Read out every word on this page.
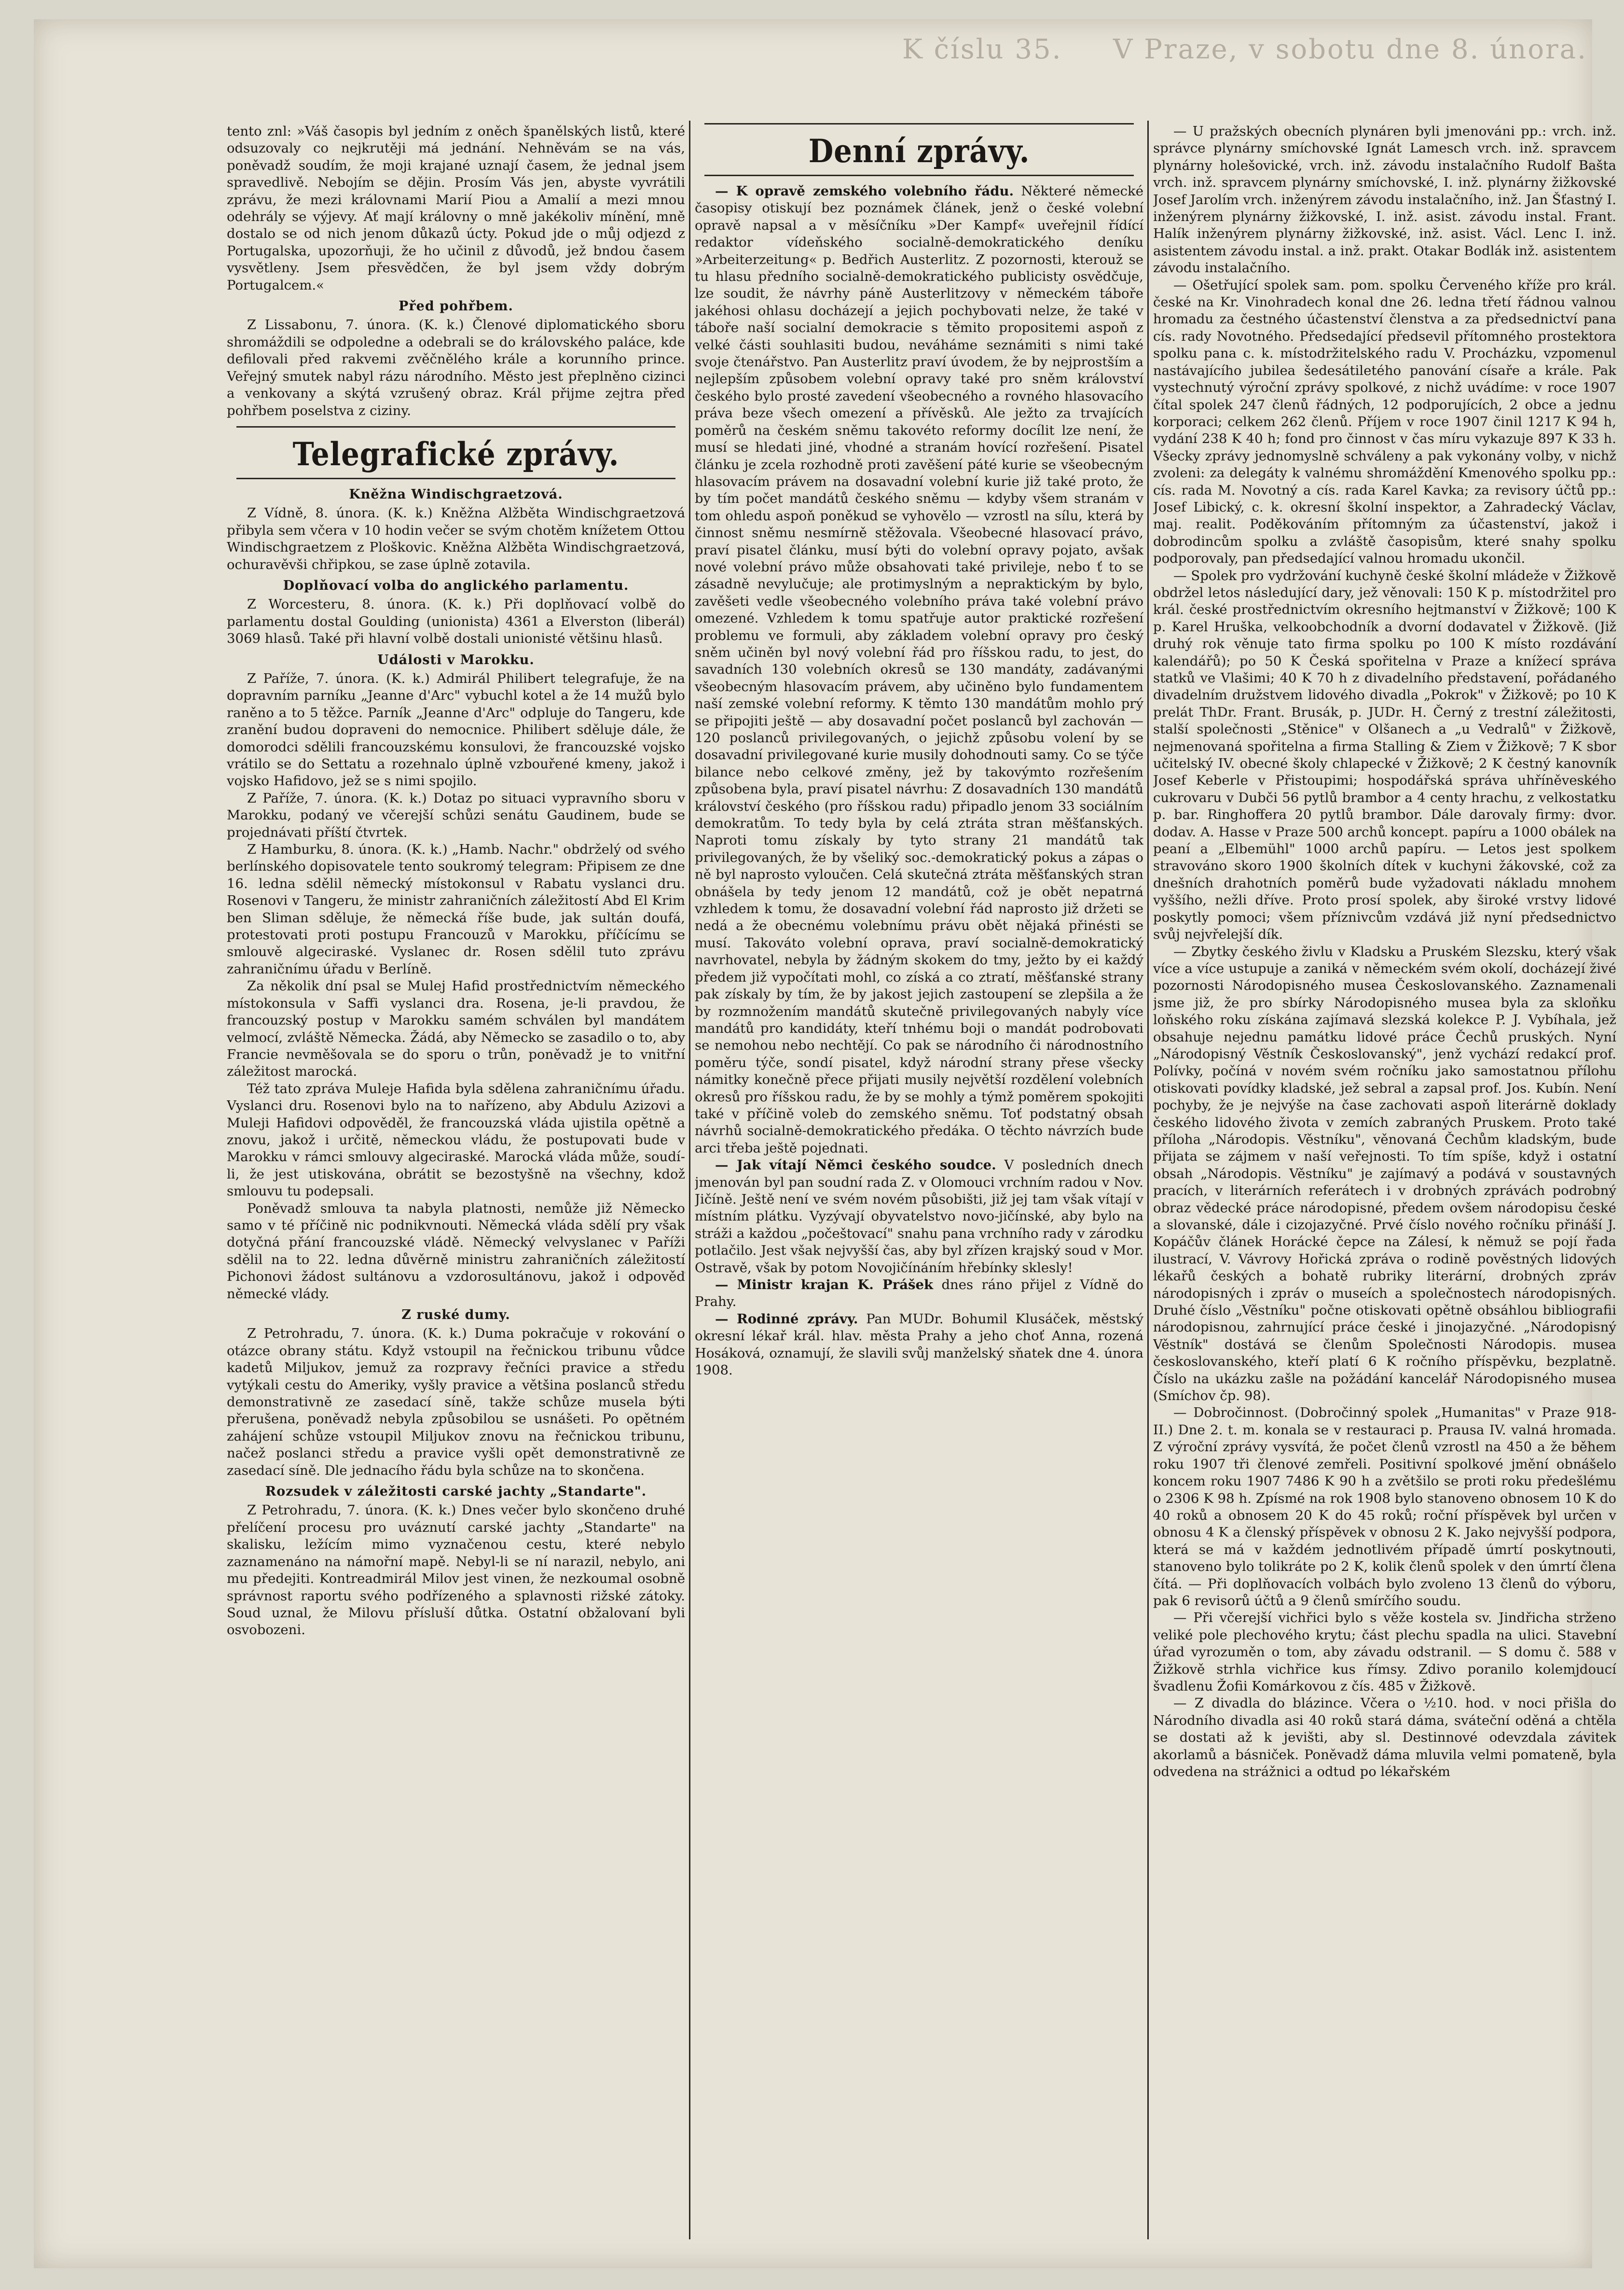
K číslu 35. V Praze, v sobotu dne 8. února.

tento znl: »Váš časopis byl jedním z oněch španělských listů, které odsuzovaly co nejkrutěji má jednání. Nehněvám se na vás, poněvadž soudím, že moji krajané uznají časem, že jednal jsem spravedlivě. Nebojím se dějin. Prosím Vás jen, abyste vyvrátili zprávu, že mezi královnami Marií Piou a Amalií a mezi mnou odehrály se výjevy. Ať mají královny o mně jakékoliv mínění, mně dostalo se od nich jenom důkazů úcty. Pokud jde o můj odjezd z Portugalska, upozorňuji, že ho učinil z důvodů, jež bndou časem vysvětleny. Jsem přesvědčen, že byl jsem vždy dobrým Portugalcem.«

Před pohřbem.

Z Lissabonu, 7. února. (K. k.) Členové diplomatického sboru shromáždili se odpoledne a odebrali se do královského paláce, kde defilovali před rakvemi zvěčnělého krále a korunního prince. Veřejný smutek nabyl rázu národního. Město jest přeplněno cizinci a venkovany a skýtá vzrušený obraz. Král přijme zejtra před pohřbem poselstva z ciziny.

Telegrafické zprávy.

Kněžna Windischgraetzová.

Z Vídně, 8. února. (K. k.) Kněžna Alžběta Windischgraetzová přibyla sem včera v 10 hodin večer se svým chotěm knížetem Ottou Windischgraetzem z Ploškovic. Kněžna Alžběta Windischgraetzová, ochuravěvši chřipkou, se zase úplně zotavila.

Doplňovací volba do anglického parlamentu.

Z Worcesteru, 8. února. (K. k.) Při doplňovací volbě do parlamentu dostal Goulding (unionista) 4361 a Elverston (liberál) 3069 hlasů. Také při hlavní volbě dostali unionisté většinu hlasů.

Události v Marokku.

Z Paříže, 7. února. (K. k.) Admirál Philibert telegrafuje, že na dopravním parníku „Jeanne d'Arc" vybuchl kotel a že 14 mužů bylo raněno a to 5 těžce. Parník „Jeanne d'Arc" odpluje do Tangeru, kde zranění budou dopraveni do nemocnice. Philibert sděluje dále, že domorodci sdělili francouzskému konsulovi, že francouzské vojsko vrátilo se do Settatu a rozehnalo úplně vzbouřené kmeny, jakož i vojsko Hafidovo, jež se s nimi spojilo.

Z Paříže, 7. února. (K. k.) Dotaz po situaci vypravního sboru v Marokku, podaný ve včerejší schůzi senátu Gaudinem, bude se projednávati příští čtvrtek.

Z Hamburku, 8. února. (K. k.) „Hamb. Nachr." obdrželý od svého berlínského dopisovatele tento soukromý telegram: Připisem ze dne 16. ledna sdělil německý místokonsul v Rabatu vyslanci dru. Rosenovi v Tangeru, že ministr zahraničních záležitostí Abd El Krim ben Sliman sděluje, že německá říše bude, jak sultán doufá, protestovati proti postupu Francouzů v Marokku, příčícímu se smlouvě algeciraské. Vyslanec dr. Rosen sdělil tuto zprávu zahraničnímu úřadu v Berlíně.

Za několik dní psal se Mulej Hafid prostřednictvím německého místokonsula v Saffi vyslanci dra. Rosena, je-li pravdou, že francouzský postup v Marokku samém schválen byl mandátem velmocí, zvláště Německa. Žádá, aby Německo se zasadilo o to, aby Francie nevměšovala se do sporu o trůn, poněvadž je to vnitřní záležitost marocká.

Též tato zpráva Muleje Hafida byla sdělena zahraničnímu úřadu. Vyslanci dru. Rosenovi bylo na to nařízeno, aby Abdulu Azizovi a Muleji Hafidovi odpověděl, že francouzská vláda ujistila opětně a znovu, jakož i určitě, německou vládu, že postupovati bude v Marokku v rámci smlouvy algeciraské. Marocká vláda může, soudí-li, že jest utiskována, obrátit se bezostyšně na všechny, kdož smlouvu tu podepsali.

Poněvadž smlouva ta nabyla platnosti, nemůže již Německo samo v té příčině nic podnikvnouti. Německá vláda sdělí pry však dotyčná přání francouzské vládě. Německý velvyslanec v Paříži sdělil na to 22. ledna důvěrně ministru zahraničních záležitostí Pichonovi žádost sultánovu a vzdorosultánovu, jakož i odpověď německé vlády.

Z ruské dumy.

Z Petrohradu, 7. února. (K. k.) Duma pokračuje v rokování o otázce obrany státu. Když vstoupil na řečnickou tribunu vůdce kadetů Miljukov, jemuž za rozpravy řečníci pravice a středu vytýkali cestu do Ameriky, vyšly pravice a většina poslanců středu demonstrativně ze zasedací síně, takže schůze musela býti přerušena, poněvadž nebyla způsobilou se usnášeti. Po opětném zahájení schůze vstoupil Miljukov znovu na řečnickou tribunu, načež poslanci středu a pravice vyšli opět demonstrativně ze zasedací síně. Dle jednacího řádu byla schůze na to skončena.

Rozsudek v záležitosti carské jachty „Standarte".

Z Petrohradu, 7. února. (K. k.) Dnes večer bylo skončeno druhé přelíčení procesu pro uváznutí carské jachty „Standarte" na skalisku, ležícím mimo vyznačenou cestu, které nebylo zaznamenáno na námořní mapě. Nebyl-li se ní narazil, nebylo, ani mu předejiti. Kontreadmirál Milov jest vinen, že nezkoumal osobně správnost raportu svého podřízeného a splavnosti rižské zátoky. Soud uznal, že Milovu přísluší důtka. Ostatní obžalovaní byli osvobozeni.

Denní zprávy.

— K opravě zemského volebního řádu. Některé německé časopisy otiskují bez poznámek článek, jenž o české volební opravě napsal a v měsíčníku »Der Kampf« uveřejnil řídící redaktor vídeňského socialně-demokratického deníku »Arbeiterzeitung« p. Bedřich Austerlitz. Z pozornosti, kterouž se tu hlasu předního socialně-demokratického publicisty osvědčuje, lze soudit, že návrhy páně Austerlitzovy v německém táboře jakéhosi ohlasu docházejí a jejich pochybovati nelze, že také v táboře naší socialní demokracie s těmito propositemi aspoň z velké části souhlasiti budou, neváháme seznámiti s nimi také svoje čtenářstvo. Pan Austerlitz praví úvodem, že by nejprostším a nejlepším způsobem volební opravy také pro sněm království českého bylo prosté zavedení všeobecného a rovného hlasovacího práva beze všech omezení a přívěsků. Ale ježto za trvajících poměrů na českém sněmu takovéto reformy docílit lze není, že musí se hledati jiné, vhodné a stranám hovící rozřešení. Pisatel článku je zcela rozhodně proti zavěšení páté kurie se všeobecným hlasovacím právem na dosavadní volební kurie již také proto, že by tím počet mandátů českého sněmu — kdyby všem stranám v tom ohledu aspoň poněkud se vyhovělo — vzrostl na sílu, která by činnost sněmu nesmírně stěžovala. Všeobecné hlasovací právo, praví pisatel článku, musí býti do volební opravy pojato, avšak nové volební právo může obsahovati také privileje, nebo ť to se zásadně nevylučuje; ale protimyslným a nepraktickým by bylo, zavěšeti vedle všeobecného volebního práva také volební právo omezené. Vzhledem k tomu spatřuje autor praktické rozřešení problemu ve formuli, aby základem volební opravy pro český sněm učiněn byl nový volební řád pro říšskou radu, to jest, do savadních 130 volebních okresů se 130 mandáty, zadávanými všeobecným hlasovacím právem, aby učiněno bylo fundamentem naší zemské volební reformy. K těmto 130 mandátům mohlo prý se připojiti ještě — aby dosavadní počet poslanců byl zachován — 120 poslanců privilegovaných, o jejichž způsobu volení by se dosavadní privilegované kurie musily dohodnouti samy. Co se týče bilance nebo celkové změny, jež by takovýmto rozřešením způsobena byla, praví pisatel návrhu: Z dosavadních 130 mandátů království českého (pro říšskou radu) připadlo jenom 33 sociálním demokratům. To tedy byla by celá ztráta stran měšťanských. Naproti tomu získaly by tyto strany 21 mandátů tak privilegovaných, že by všeliký soc.-demokratický pokus a zápas o ně byl naprosto vyloučen. Celá skutečná ztráta měšťanských stran obnášela by tedy jenom 12 mandátů, což je obět nepatrná vzhledem k tomu, že dosavadní volební řád naprosto již držeti se nedá a že obecnému volebnímu právu obět nějaká přinésti se musí. Takováto volební oprava, praví socialně-demokratický navrhovatel, nebyla by žádným skokem do tmy, ježto by ei každý předem již vypočítati mohl, co získá a co ztratí, měšťanské strany pak získaly by tím, že by jakost jejich zastoupení se zlepšila a že by rozmnožením mandátů skutečně privilegovaných nabyly více mandátů pro kandidáty, kteří tnhému boji o mandát podrobovati se nemohou nebo nechtějí. Co pak se národního či národnostního poměru týče, sondí pisatel, když národní strany přese všecky námitky konečně přece přijati musily největší rozdělení volebních okresů pro říšskou radu, že by se mohly a týmž poměrem spokojiti také v příčině voleb do zemského sněmu. Toť podstatný obsah návrhů socialně-demokratického předáka. O těchto návrzích bude arci třeba ještě pojednati.

— Jak vítají Němci českého soudce. V posledních dnech jmenován byl pan soudní rada Z. v Olomouci vrchním radou v Nov. Jičíně. Ještě není ve svém novém působišti, již jej tam však vítají v místním plátku. Vyzývají obyvatelstvo novo-jičínské, aby bylo na stráži a každou „počeštovací" snahu pana vrchního rady v zárodku potlačilo. Jest však nejvyšší čas, aby byl zřízen krajský soud v Mor. Ostravě, však by potom Novojičínáním hřebínky sklesly!

— Ministr krajan K. Prášek dnes ráno přijel z Vídně do Prahy.

— Rodinné zprávy. Pan MUDr. Bohumil Klusáček, městský okresní lékař král. hlav. města Prahy a jeho choť Anna, rozená Hosáková, oznamují, že slavili svůj manželský sňatek dne 4. února 1908.

— U pražských obecních plynáren byli jmenováni pp.: vrch. inž. správce plynárny smíchovské Ignát Lamesch vrch. inž. spravcem plynárny holešovické, vrch. inž. závodu instalačního Rudolf Bašta vrch. inž. spravcem plynárny smíchovské, I. inž. plynárny žižkovské Josef Jarolím vrch. inženýrem závodu instalačního, inž. Jan Šťastný I. inženýrem plynárny žižkovské, I. inž. asist. závodu instal. Frant. Halík inženýrem plynárny žižkovské, inž. asist. Václ. Lenc I. inž. asistentem závodu instal. a inž. prakt. Otakar Bodlák inž. asistentem závodu instalačního.

— Ošetřující spolek sam. pom. spolku Červeného kříže pro král. české na Kr. Vinohradech konal dne 26. ledna třetí řádnou valnou hromadu za čestného účastenství členstva a za předsednictví pana cís. rady Novotného. Předsedající předsevil přítomného prostektora spolku pana c. k. místodržitelského radu V. Procházku, vzpomenul nastávajícího jubilea šedesátiletého panování císaře a krále. Pak vystechnutý výroční zprávy spolkové, z nichž uvádíme: v roce 1907 čítal spolek 247 členů řádných, 12 podporujících, 2 obce a jednu korporaci; celkem 262 členů. Příjem v roce 1907 činil 1217 K 94 h, vydání 238 K 40 h; fond pro činnost v čas míru vykazuje 897 K 33 h. Všecky zprávy jednomyslně schváleny a pak vykonány volby, v nichž zvoleni: za delegáty k valnému shromáždění Kmenového spolku pp.: cís. rada M. Novotný a cís. rada Karel Kavka; za revisory účtů pp.: Josef Libický, c. k. okresní školní inspektor, a Zahradecký Václav, maj. realit. Poděkováním přítomným za účastenství, jakož i dobrodincům spolku a zvláště časopisům, které snahy spolku podporovaly, pan předsedající valnou hromadu ukončil.

— Spolek pro vydržování kuchyně české školní mládeže v Žižkově obdržel letos následující dary, jež věnovali: 150 K p. místodržitel pro král. české prostřednictvím okresního hejtmanství v Žižkově; 100 K p. Karel Hruška, velkoobchodník a dvorní dodavatel v Žižkově. (Již druhý rok věnuje tato firma spolku po 100 K místo rozdávání kalendářů); po 50 K Česká spořitelna v Praze a knížecí správa statků ve Vlašimi; 40 K 70 h z divadelního představení, pořádaného divadelním družstvem lidového divadla „Pokrok" v Žižkově; po 10 K prelát ThDr. Frant. Brusák, p. JUDr. H. Černý z trestní záležitosti, stalší společnosti „Stěnice" v Olšanech a „u Vedralů" v Žižkově, nejmenovaná spořitelna a firma Stalling & Ziem v Žižkově; 7 K sbor učitelský IV. obecné školy chlapecké v Žižkově; 2 K čestný kanovník Josef Keberle v Přistoupimi; hospodářská správa uhříněveského cukrovaru v Dubči 56 pytlů brambor a 4 centy hrachu, z velkostatku p. bar. Ringhoffera 20 pytlů brambor. Dále darovaly firmy: dvor. dodav. A. Hasse v Praze 500 archů koncept. papíru a 1000 obálek na peaní a „Elbemühl" 1000 archů papíru. — Letos jest spolkem stravováno skoro 1900 školních dítek v kuchyni žákovské, což za dnešních drahotních poměrů bude vyžadovati nákladu mnohem vyššího, nežli dříve. Proto prosí spolek, aby široké vrstvy lidové poskytly pomoci; všem příznivcům vzdává již nyní předsednictvo svůj nejvřelejší dík.

— Zbytky českého živlu v Kladsku a Pruském Slezsku, který však více a více ustupuje a zaniká v německém svém okolí, docházejí živé pozornosti Národopisného musea Českoslovanského. Zaznamenali jsme již, že pro sbírky Národopisného musea byla za skloňku loňského roku získána zajímavá slezská kolekce P. J. Vybíhala, jež obsahuje nejednu památku lidové práce Čechů pruských. Nyní „Národopisný Věstník Českoslovanský", jenž vychází redakcí prof. Polívky, počíná v novém svém ročníku jako samostatnou přílohu otiskovati povídky kladské, jež sebral a zapsal prof. Jos. Kubín. Není pochyby, že je nejvýše na čase zachovati aspoň literárně doklady českého lidového života v zemích zabraných Pruskem. Proto také příloha „Národopis. Věstníku", věnovaná Čechům kladským, bude přijata se zájmem v naší veřejnosti. To tím spíše, když i ostatní obsah „Národopis. Věstníku" je zajímavý a podává v soustavných pracích, v literárních referátech i v drobných zprávách podrobný obraz vědecké práce národopisné, předem ovšem národopisu české a slovanské, dále i cizojazyčné. Prvé číslo nového ročníku přináší J. Kopáčův článek Horácké čepce na Zálesí, k němuž se pojí řada ilustrací, V. Vávrovy Hořická zpráva o rodině pověstných lidových lékařů českých a bohatě rubriky literární, drobných zpráv národopisných i zpráv o museích a společnostech národopisných. Druhé číslo „Věstníku" počne otiskovati opětně obsáhlou bibliografii národopisnou, zahrnující práce české i jinojazyčné. „Národopisný Věstník" dostává se členům Společnosti Národopis. musea českoslovanského, kteří platí 6 K ročního příspěvku, bezplatně. Číslo na ukázku zašle na požádání kancelář Národopisného musea (Smíchov čp. 98).

— Dobročinnost. (Dobročinný spolek „Humanitas" v Praze 918-II.) Dne 2. t. m. konala se v restauraci p. Prausa IV. valná hromada. Z výroční zprávy vysvítá, že počet členů vzrostl na 450 a že během roku 1907 tři členové zemřeli. Positivní spolkové jmění obnášelo koncem roku 1907 7486 K 90 h a zvětšilo se proti roku předešlému o 2306 K 98 h. Zpísmé na rok 1908 bylo stanoveno obnosem 10 K do 40 roků a obnosem 20 K do 45 roků; roční příspěvek byl určen v obnosu 4 K a členský příspěvek v obnosu 2 K. Jako nejvyšší podpora, která se má v každém jednotlivém případě úmrtí poskytnouti, stanoveno bylo tolikráte po 2 K, kolik členů spolek v den úmrtí člena čítá. — Při doplňovacích volbách bylo zvoleno 13 členů do výboru, pak 6 revisorů účtů a 9 členů smírčího soudu.

— Při včerejší vichřici bylo s věže kostela sv. Jindřicha strženo veliké pole plechového krytu; část plechu spadla na ulici. Stavební úřad vyrozuměn o tom, aby závadu odstranil. — S domu č. 588 v Žižkově strhla vichřice kus římsy. Zdivo poranilo kolemjdoucí švadlenu Žofii Komárkovou z čís. 485 v Žižkově.

— Z divadla do blázince. Včera o ½10. hod. v noci přišla do Národního divadla asi 40 roků stará dáma, sváteční oděná a chtěla se dostati až k jevišti, aby sl. Destinnové odevzdala závitek akorlamů a básniček. Poněvadž dáma mluvila velmi pomateně, byla odvedena na strážnici a odtud po lékařském
